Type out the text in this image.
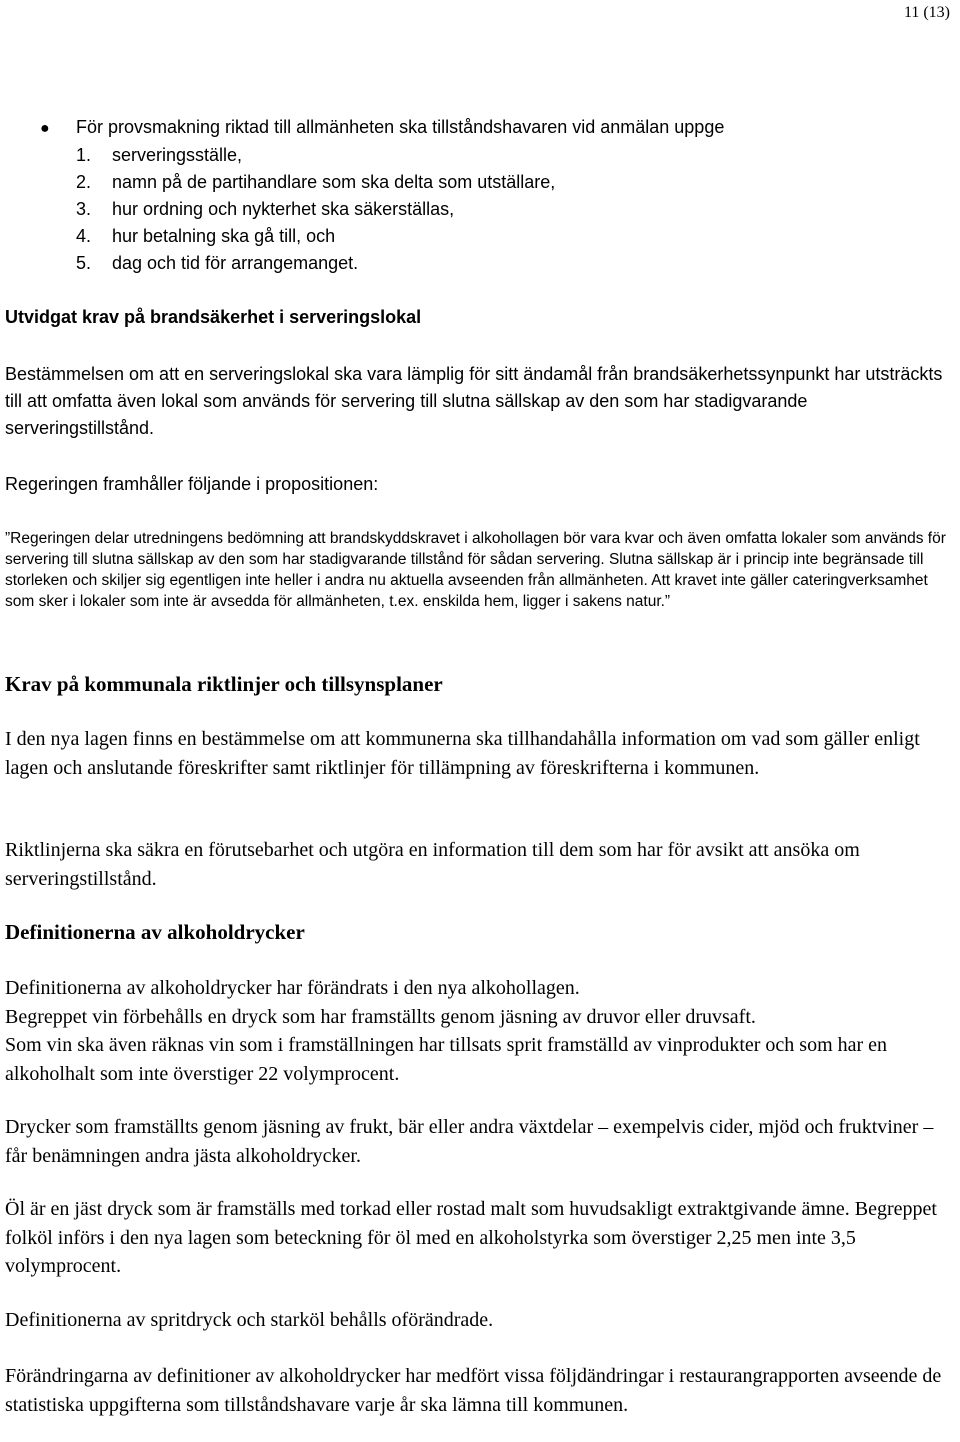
11 (13)
●	För provsmakning riktad till allmänheten ska tillståndshavaren vid anmälan uppge
1.	serveringsställe,
2.	namn på de partihandlare som ska delta som utställare,
3.	hur ordning och nykterhet ska säkerställas,
4.	hur betalning ska gå till, och
5.	dag och tid för arrangemanget.
Utvidgat krav på brandsäkerhet i serveringslokal

Bestämmelsen om att en serveringslokal ska vara lämplig för sitt ändamål från brandsäkerhetssynpunkt har utsträckts till att omfatta även lokal som används för servering till slutna sällskap av den som har stadigvarande serveringstillstånd.

Regeringen framhåller följande i propositionen:

”Regeringen delar utredningens bedömning att brandskyddskravet i alkohollagen bör vara kvar och även omfatta lokaler som används för servering till slutna sällskap av den som har stadigvarande tillstånd för sådan servering. Slutna sällskap är i princip inte begränsade till storleken och skiljer sig egentligen inte heller i andra nu aktuella avseenden från allmänheten. Att kravet inte gäller cateringverksamhet som sker i lokaler som inte är avsedda för allmänheten, t.ex. enskilda hem, ligger i sakens natur.”

Krav på kommunala riktlinjer och tillsynsplaner

I den nya lagen finns en bestämmelse om att kommunerna ska tillhandahålla information om vad som gäller enligt lagen och anslutande föreskrifter samt riktlinjer för tillämpning av föreskrifterna i kommunen.

Riktlinjerna ska säkra en förutsebarhet och utgöra en information till dem som har för avsikt att ansöka om serveringstillstånd.

Definitionerna av alkoholdrycker

Definitionerna av alkoholdrycker har förändrats i den nya alkohollagen.

Begreppet vin förbehålls en dryck som har framställts genom jäsning av druvor eller druvsaft.

Som vin ska även räknas vin som i framställningen har tillsats sprit framställd av vinprodukter och som har en alkoholhalt som inte överstiger 22 volymprocent.

Drycker som framställts genom jäsning av frukt, bär eller andra växtdelar – exempelvis cider, mjöd och fruktviner – får benämningen andra jästa alkoholdrycker.

Öl är en jäst dryck som är framställs med torkad eller rostad malt som huvudsakligt extraktgivande ämne. Begreppet folköl införs i den nya lagen som beteckning för öl med en alkoholstyrka som överstiger 2,25 men inte 3,5 volymprocent.

Definitionerna av spritdryck och starköl behålls oförändrade.

Förändringarna av definitioner av alkoholdrycker har medfört vissa följdändringar i restaurangrapporten avseende de statistiska uppgifterna som tillståndshavare varje år ska lämna till kommunen.
